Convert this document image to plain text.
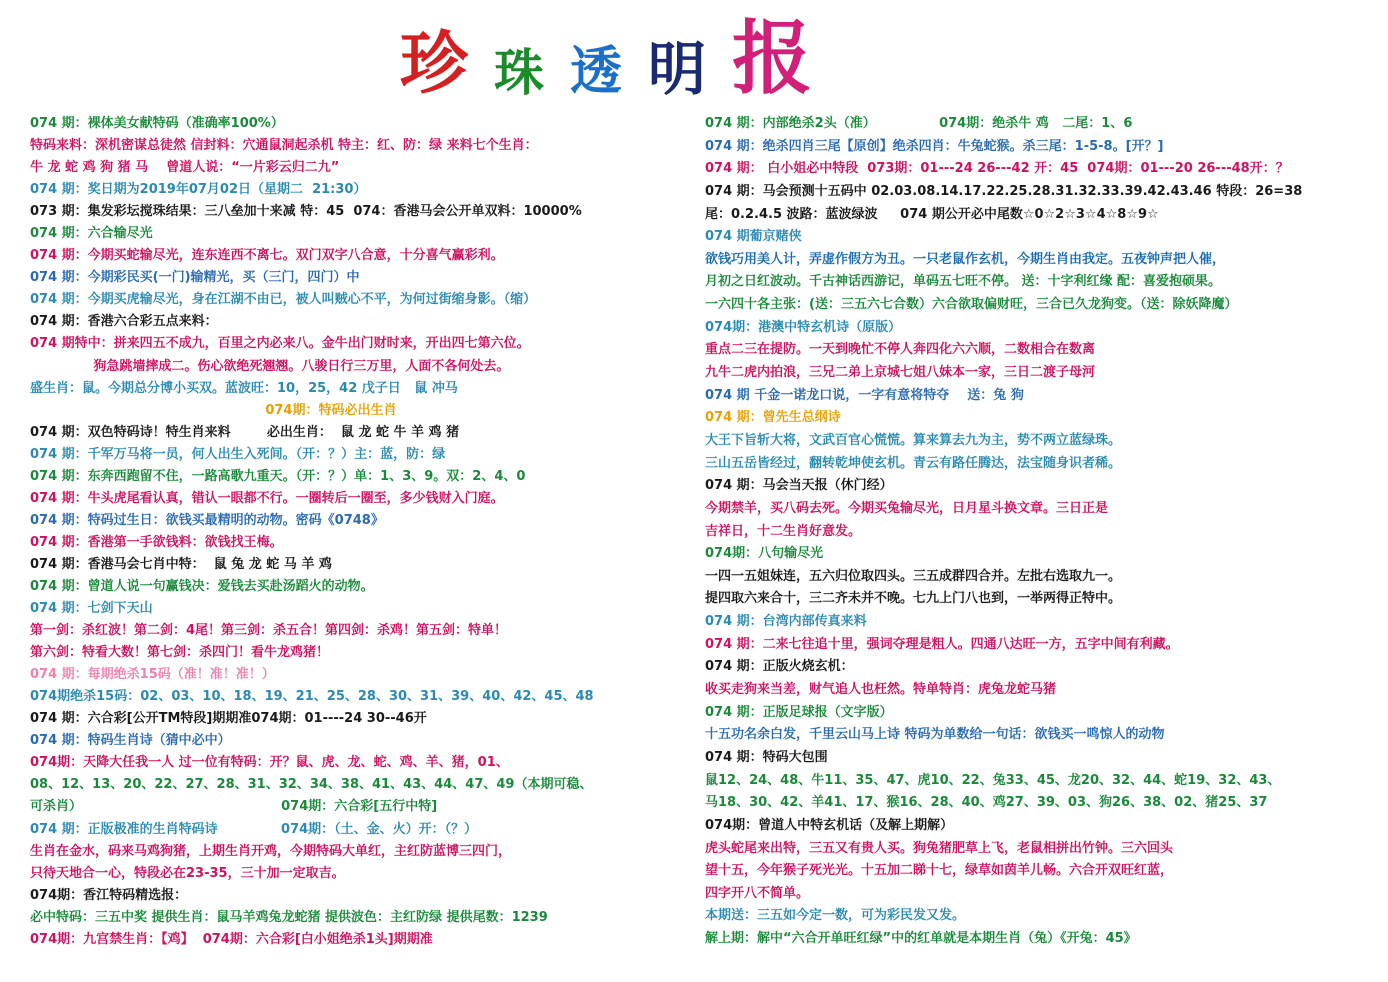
珍 珠 透 明 报
074 期：裸体美女献特码（准确率100%）
特码来料：深机密谋总徒然 信封料：穴通鼠洞起杀机 特主：红、防：绿 来料七个生肖：
牛 龙 蛇 鸡 狗 猪 马    曾道人说：“一片彩云归二九”
074 期：奖日期为2019年07月02日（星期二  21:30）
073 期：集发彩坛搅珠结果：三八垒加十来减 特：45  074：香港马会公开单双料：10000%
074 期：六合输尽光
074 期：今期买蛇输尽光，连东连西不离七。双门双字八合意，十分喜气赢彩利。
074 期：今期彩民买(一门)输精光，买（三门，四门）中
074 期：今期买虎输尽光，身在江湖不由已，被人叫贼心不平，为何过街缩身影。（缩）
074 期：香港六合彩五点来料：
074 期特中：拼来四五不成九，百里之内必来八。金牛出门财时来，开出四七第六位。
狗急跳墙摔成二。伤心欲绝死翘翘。八骏日行三万里，人面不各何处去。
盛生肖：鼠。今期总分博小买双。蓝波旺：10，25，42 戊子日   鼠 冲马
074期：特码必出生肖
074 期：双色特码诗！特生肖来料        必出生肖：  鼠 龙 蛇 牛 羊 鸡 猪
074 期：千军万马将一员，何人出生入死间。（开：？）主：蓝，防：绿
074 期：东奔西跑留不住，一路高歌九重天。（开：？）单：1、3、9。双：2、4、0
074 期：牛头虎尾看认真，错认一眼都不行。一圈转后一圈至，多少钱财入门庭。
074 期：特码过生日：欲钱买最精明的动物。密码《0748》
074 期：香港第一手欲钱料：欲钱找王梅。
074 期：香港马会七肖中特：  鼠 兔 龙 蛇 马 羊 鸡
074 期：曾道人说一句赢钱决：爱钱去买赴汤蹈火的动物。
074 期：七剑下天山
第一剑：杀红波！第二剑：4尾！第三剑：杀五合！第四剑：杀鸡！第五剑：特单！
第六剑：特看大数！第七剑：杀四门！看牛龙鸡猪！
074 期：每期绝杀15码（准！准！准！）
074期绝杀15码：02、03、10、18、19、21、25、28、30、31、39、40、42、45、48
074 期：六合彩[公开TM特段]期期准074期：01----24 30--46开
074 期：特码生肖诗（猜中必中）
074期：天降大任我一人 过一位有特码：开？鼠、虎、龙、蛇、鸡、羊、猪，01、
08、12、13、20、22、27、28、31、32、34、38、41、43、44、47、49（本期可稳、
可杀肖）                                            074期：六合彩[五行中特]
074 期：正版极准的生肖特码诗              074期：（土、金、火）开：（？）
生肖在金水，码来马鸡狗猪，上期生肖开鸡，今期特码大单红，主红防蓝博三四门，
只待天地合一心，特段必在23-35，三十加一定取吉。
074期：香江特码精选报：
必中特码：三五中奖 提供生肖：鼠马羊鸡兔龙蛇猪 提供波色：主红防绿 提供尾数：1239
074期：九宫禁生肖：【鸡】  074期：六合彩[白小姐绝杀1头]期期准
074 期：内部绝杀2头（准）              074期：绝杀牛 鸡   二尾：1、6
074 期：绝杀四肖三尾【原创】绝杀四肖：牛兔蛇猴。杀三尾：1-5-8。[开？]
074 期： 白小姐必中特段  073期：01---24 26---42 开：45  074期：01---20 26---48开：？
074 期：马会预测十五码中 02.03.08.14.17.22.25.28.31.32.33.39.42.43.46 特段：26=38
尾：0.2.4.5 波路：蓝波绿波     074 期公开必中尾数☆0☆2☆3☆4☆8☆9☆
074 期葡京赌侠
欲钱巧用美人计，弄虚作假方为丑。一只老鼠作玄机，今期生肖由我定。五夜钟声把人催，
月初之日红波动。千古神话西游记，单码五七旺不停。 送：十字利红缘 配：喜爱抱硕果。
一六四十各主张：(送：三五六七合数）六合欲取偏财旺，三合已久龙狗变。（送：除妖降魔）
074期：港澳中特玄机诗（原版）
重点二三在提防。一天到晚忙不停人奔四化六六顺，二数相合在数离
九牛二虎内拍浪，三兄二弟上京城七姐八妹本一家，三日二渡子母河
074 期 千金一诺龙口说，一字有意将特夺    送：兔 狗
074 期：曾先生总纲诗
大王下旨斩大将，文武百官心慌慌。算来算去九为主，势不两立蓝绿珠。
三山五岳皆经过，翻转乾坤使玄机。青云有路任腾达，法宝随身识者稀。
074 期：马会当天报（休门经）
今期禁羊，买八码去死。今期买兔输尽光，日月星斗换文章。三日正是
吉祥日，十二生肖好意发。
074期：八句输尽光
一四一五姐妹连，五六归位取四头。三五成群四合并。左批右选取九一。
提四取六来合十，三二齐未并不晚。七九上门八也到，一举两得正特中。
074 期：台湾内部传真来料
074 期：二来七往追十里，强词夺理是粗人。四通八达旺一方，五字中间有利藏。
074 期：正版火烧玄机：
收买走狗来当差，财气追人也枉然。特单特肖：虎兔龙蛇马猪
074 期：正版足球报（文字版）
十五功名余白发，千里云山马上诗 特码为单数给一句话：欲钱买一鸣惊人的动物
074 期：特码大包围
鼠12、24、48、牛11、35、47、虎10、22、兔33、45、龙20、32、44、蛇19、32、43、
马18、30、42、羊41、17、猴16、28、40、鸡27、39、03、狗26、38、02、猪25、37
074期：曾道人中特玄机话（及解上期解）
虎头蛇尾来出特，三五又有贵人买。狗兔猪肥草上飞，老鼠相拼出竹钟。三六回头
望十五，今年猴子死光光。十五加二睇十七，绿草如茵羊儿畅。六合开双旺红蓝，
四字开八不简单。
本期送：三五如今定一数，可为彩民发又发。
解上期：解中“六合开单旺红绿”中的红单就是本期生肖（兔）《开兔：45》
